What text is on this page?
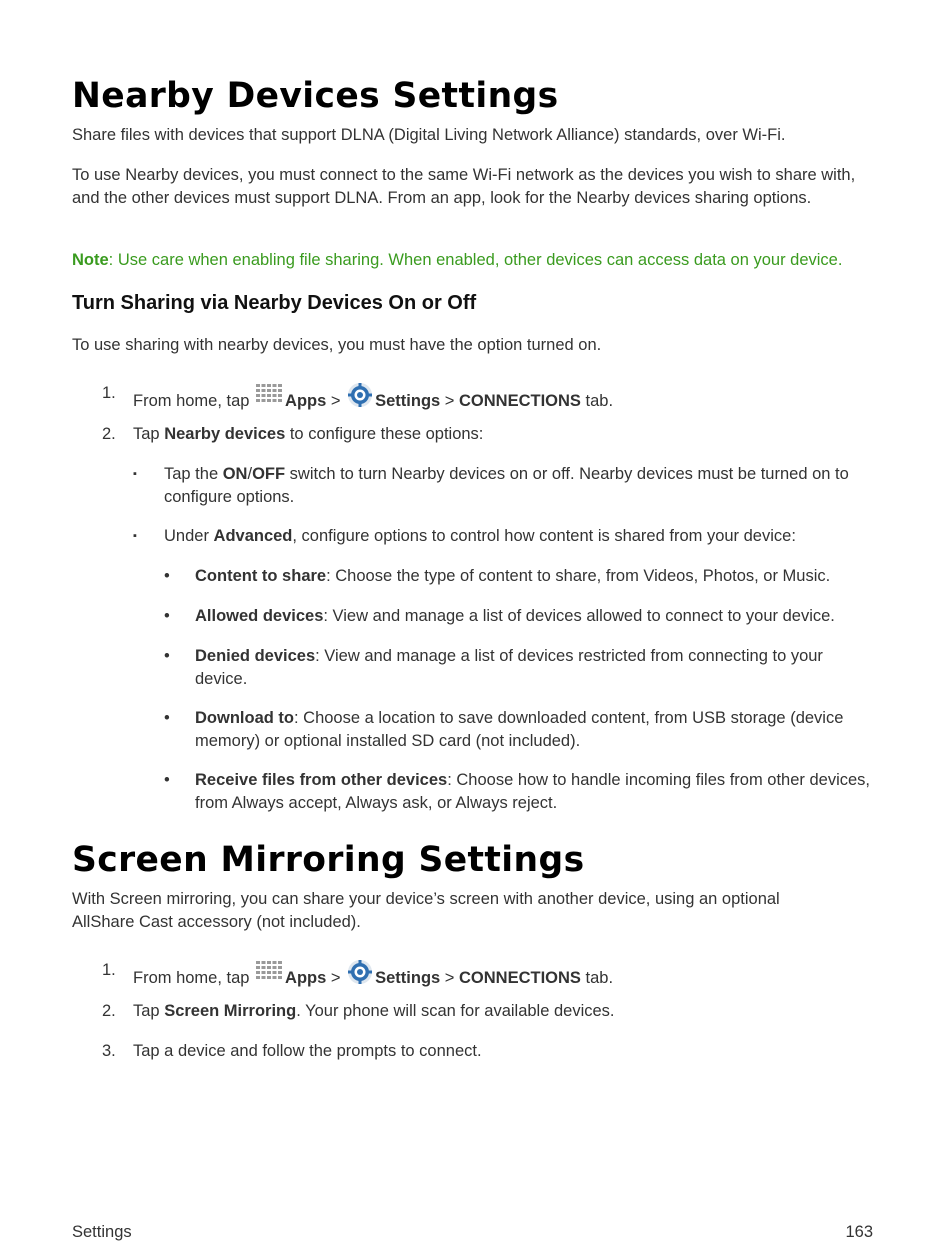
Nearby Devices Settings

Share files with devices that support DLNA (Digital Living Network Alliance) standards, over Wi-Fi.

To use Nearby devices, you must connect to the same Wi-Fi network as the devices you wish to share with, and the other devices must support DLNA. From an app, look for the Nearby devices sharing options.

Note: Use care when enabling file sharing. When enabled, other devices can access data on your device.

Turn Sharing via Nearby Devices On or Off

To use sharing with nearby devices, you must have the option turned on.

1. From home, tap Apps > Settings > CONNECTIONS tab.
2. Tap Nearby devices to configure these options:
▪ Tap the ON/OFF switch to turn Nearby devices on or off. Nearby devices must be turned on to configure options.
▪ Under Advanced, configure options to control how content is shared from your device:
• Content to share: Choose the type of content to share, from Videos, Photos, or Music.
• Allowed devices: View and manage a list of devices allowed to connect to your device.
• Denied devices: View and manage a list of devices restricted from connecting to your device.
• Download to: Choose a location to save downloaded content, from USB storage (device memory) or optional installed SD card (not included).
• Receive files from other devices: Choose how to handle incoming files from other devices, from Always accept, Always ask, or Always reject.
Screen Mirroring Settings

With Screen mirroring, you can share your device’s screen with another device, using an optional AllShare Cast accessory (not included).

1. From home, tap Apps > Settings > CONNECTIONS tab.
2. Tap Screen Mirroring. Your phone will scan for available devices.
3. Tap a device and follow the prompts to connect.
Settings	163
